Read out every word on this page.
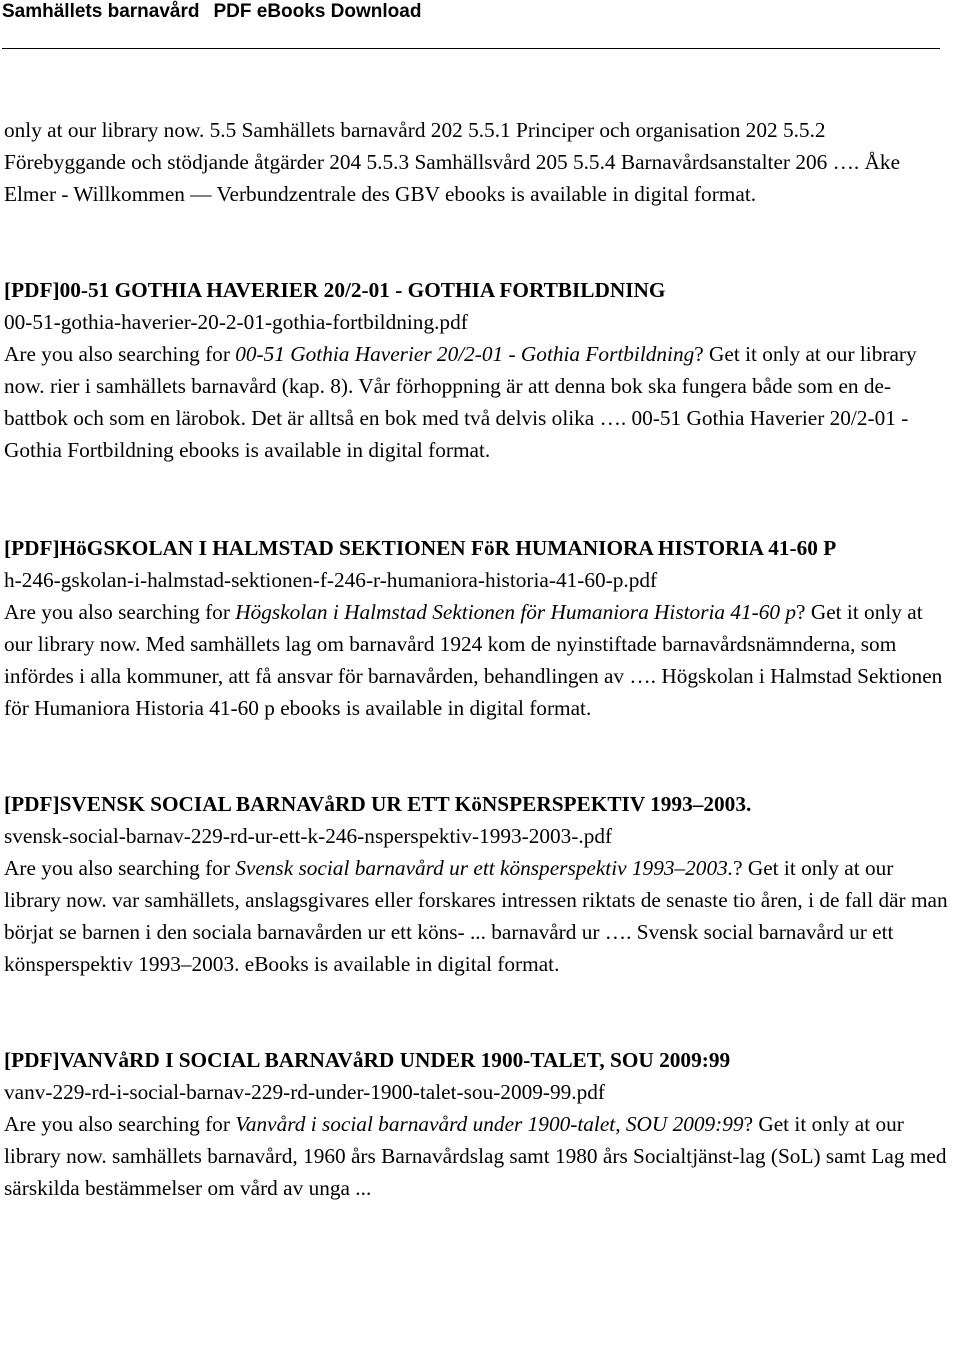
Samhällets barnavård PDF eBooks Download

only at our library now. 5.5 Samhällets barnavård 202 5.5.1 Principer och organisation 202 5.5.2 Förebyggande och stödjande åtgärder 204 5.5.3 Samhällsvård 205 5.5.4 Barnavårdsanstalter 206 …. Åke Elmer - Willkommen — Verbundzentrale des GBV ebooks is available in digital format.

[PDF]00-51 GOTHIA HAVERIER 20/2-01 - GOTHIA FORTBILDNING

00-51-gothia-haverier-20-2-01-gothia-fortbildning.pdf

Are you also searching for 00-51 Gothia Haverier 20/2-01 - Gothia Fortbildning? Get it only at our library now. rier i samhällets barnavård (kap. 8). Vår förhoppning är att denna bok ska fungera både som en de-battbok och som en lärobok. Det är alltså en bok med två delvis olika …. 00-51 Gothia Haverier 20/2-01 - Gothia Fortbildning ebooks is available in digital format.

[PDF]HöGSKOLAN I HALMSTAD SEKTIONEN FöR HUMANIORA HISTORIA 41-60 P

h-246-gskolan-i-halmstad-sektionen-f-246-r-humaniora-historia-41-60-p.pdf

Are you also searching for Högskolan i Halmstad Sektionen för Humaniora Historia 41-60 p? Get it only at our library now. Med samhällets lag om barnavård 1924 kom de nyinstiftade barnavårdsnämnderna, som infördes i alla kommuner, att få ansvar för barnavården, behandlingen av …. Högskolan i Halmstad Sektionen för Humaniora Historia 41-60 p ebooks is available in digital format.

[PDF]SVENSK SOCIAL BARNAVåRD UR ETT KöNSPERSPEKTIV 1993–2003.

svensk-social-barnav-229-rd-ur-ett-k-246-nsperspektiv-1993-2003-.pdf

Are you also searching for Svensk social barnavård ur ett könsperspektiv 1993–2003.? Get it only at our library now. var samhällets, anslagsgivares eller forskares intressen riktats de senaste tio åren, i de fall där man börjat se barnen i den sociala barnavården ur ett köns- ... barnavård ur …. Svensk social barnavård ur ett könsperspektiv 1993–2003. eBooks is available in digital format.

[PDF]VANVåRD I SOCIAL BARNAVåRD UNDER 1900-TALET, SOU 2009:99

vanv-229-rd-i-social-barnav-229-rd-under-1900-talet-sou-2009-99.pdf

Are you also searching for Vanvård i social barnavård under 1900-talet, SOU 2009:99? Get it only at our library now. samhällets barnavård, 1960 års Barnavårdslag samt 1980 års Socialtjänst-lag (SoL) samt Lag med särskilda bestämmelser om vård av unga ...
